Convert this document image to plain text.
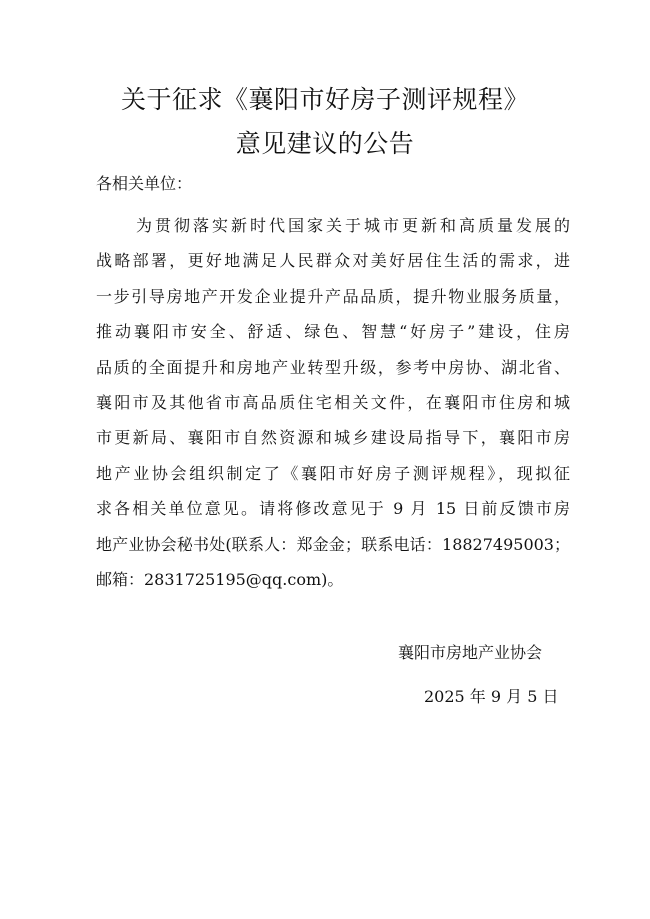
关于征求《襄阳市好房子测评规程》
意见建议的公告
各相关单位：
为贯彻落实新时代国家关于城市更新和高质量发展的
战略部署，更好地满足人民群众对美好居住生活的需求，进
一步引导房地产开发企业提升产品品质，提升物业服务质量，
推动襄阳市安全、舒适、绿色、智慧“好房子”建设，住房
品质的全面提升和房地产业转型升级，参考中房协、湖北省、
襄阳市及其他省市高品质住宅相关文件，在襄阳市住房和城
市更新局、襄阳市自然资源和城乡建设局指导下，襄阳市房
地产业协会组织制定了《襄阳市好房子测评规程》，现拟征
求各相关单位意见。请将修改意见于 9 月 15 日前反馈市房
地产业协会秘书处(联系人：郑金金；联系电话：18827495003；
邮箱：2831725195@qq.com)。
襄阳市房地产业协会
2025 年 9 月 5 日
